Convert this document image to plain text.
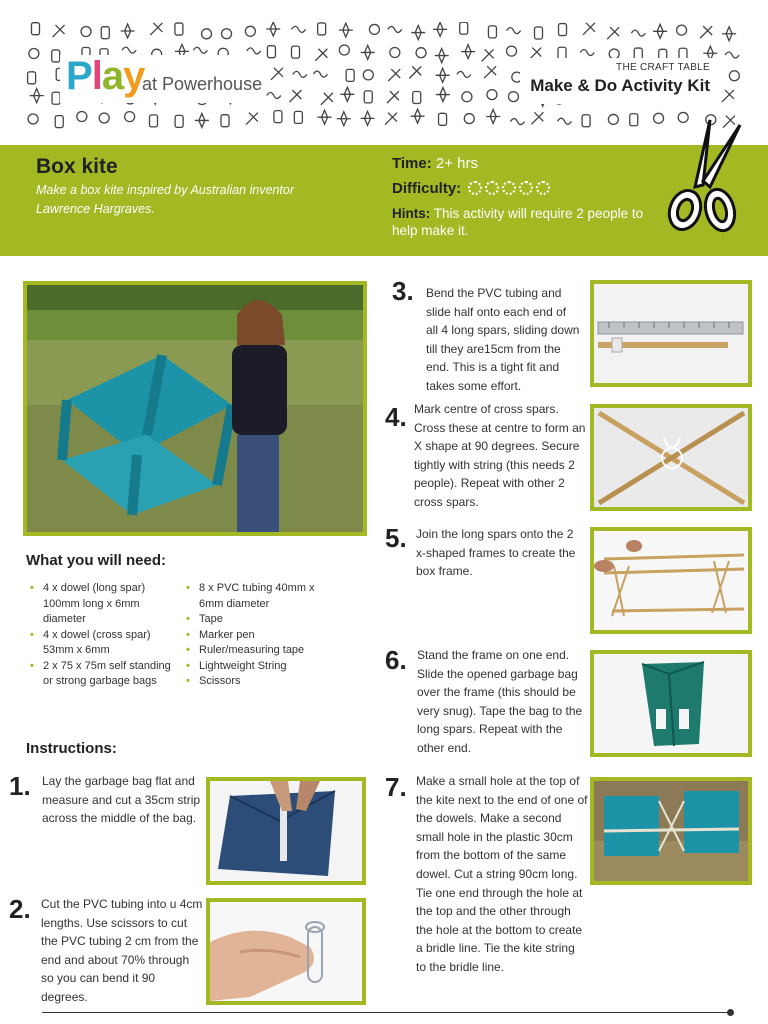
Play
at Powerhouse
THE CRAFT TABLE
Make & Do Activity Kit
Box kite
Make a box kite inspired by Australian inventor Lawrence Hargraves.
Time: 2+ hrs
Difficulty:
Hints: This activity will require 2 people to help make it.
What you will need:
• 4 x dowel (long spar) 100mm long x 6mm diameter
• 4 x dowel (cross spar) 53mm x 6mm
• 2 x 75 x 75m self standing or strong garbage bags
• 8 x PVC tubing 40mm x 6mm diameter
• Tape
• Marker pen
• Ruler/measuring tape
• Lightweight String
• Scissors
Instructions:
1. Lay the garbage bag flat and measure and cut a 35cm strip across the middle of the bag.
2. Cut the PVC tubing into u 4cm lengths. Use scissors to cut the PVC tubing 2 cm from the end and about 70% through so you can bend it 90 degrees.
3. Bend the PVC tubing and slide half onto each end of all 4 long spars, sliding down till they are15cm from the end. This is a tight fit and takes some effort.
4. Mark centre of cross spars. Cross these at centre to form an X shape at 90 degrees. Secure tightly with string (this needs 2 people). Repeat with other 2 cross spars.
5. Join the long spars onto the 2 x-shaped frames to create the box frame.
6. Stand the frame on one end. Slide the opened garbage bag over the frame (this should be very snug). Tape the bag to the long spars. Repeat with the other end.
7. Make a small hole at the top of the kite next to the end of one of the dowels. Make a second small hole in the plastic 30cm from the bottom of the same dowel. Cut a string 90cm long. Tie one end through the hole at the top and the other through the hole at the bottom to create a bridle line. Tie the kite string to the bridle line.
